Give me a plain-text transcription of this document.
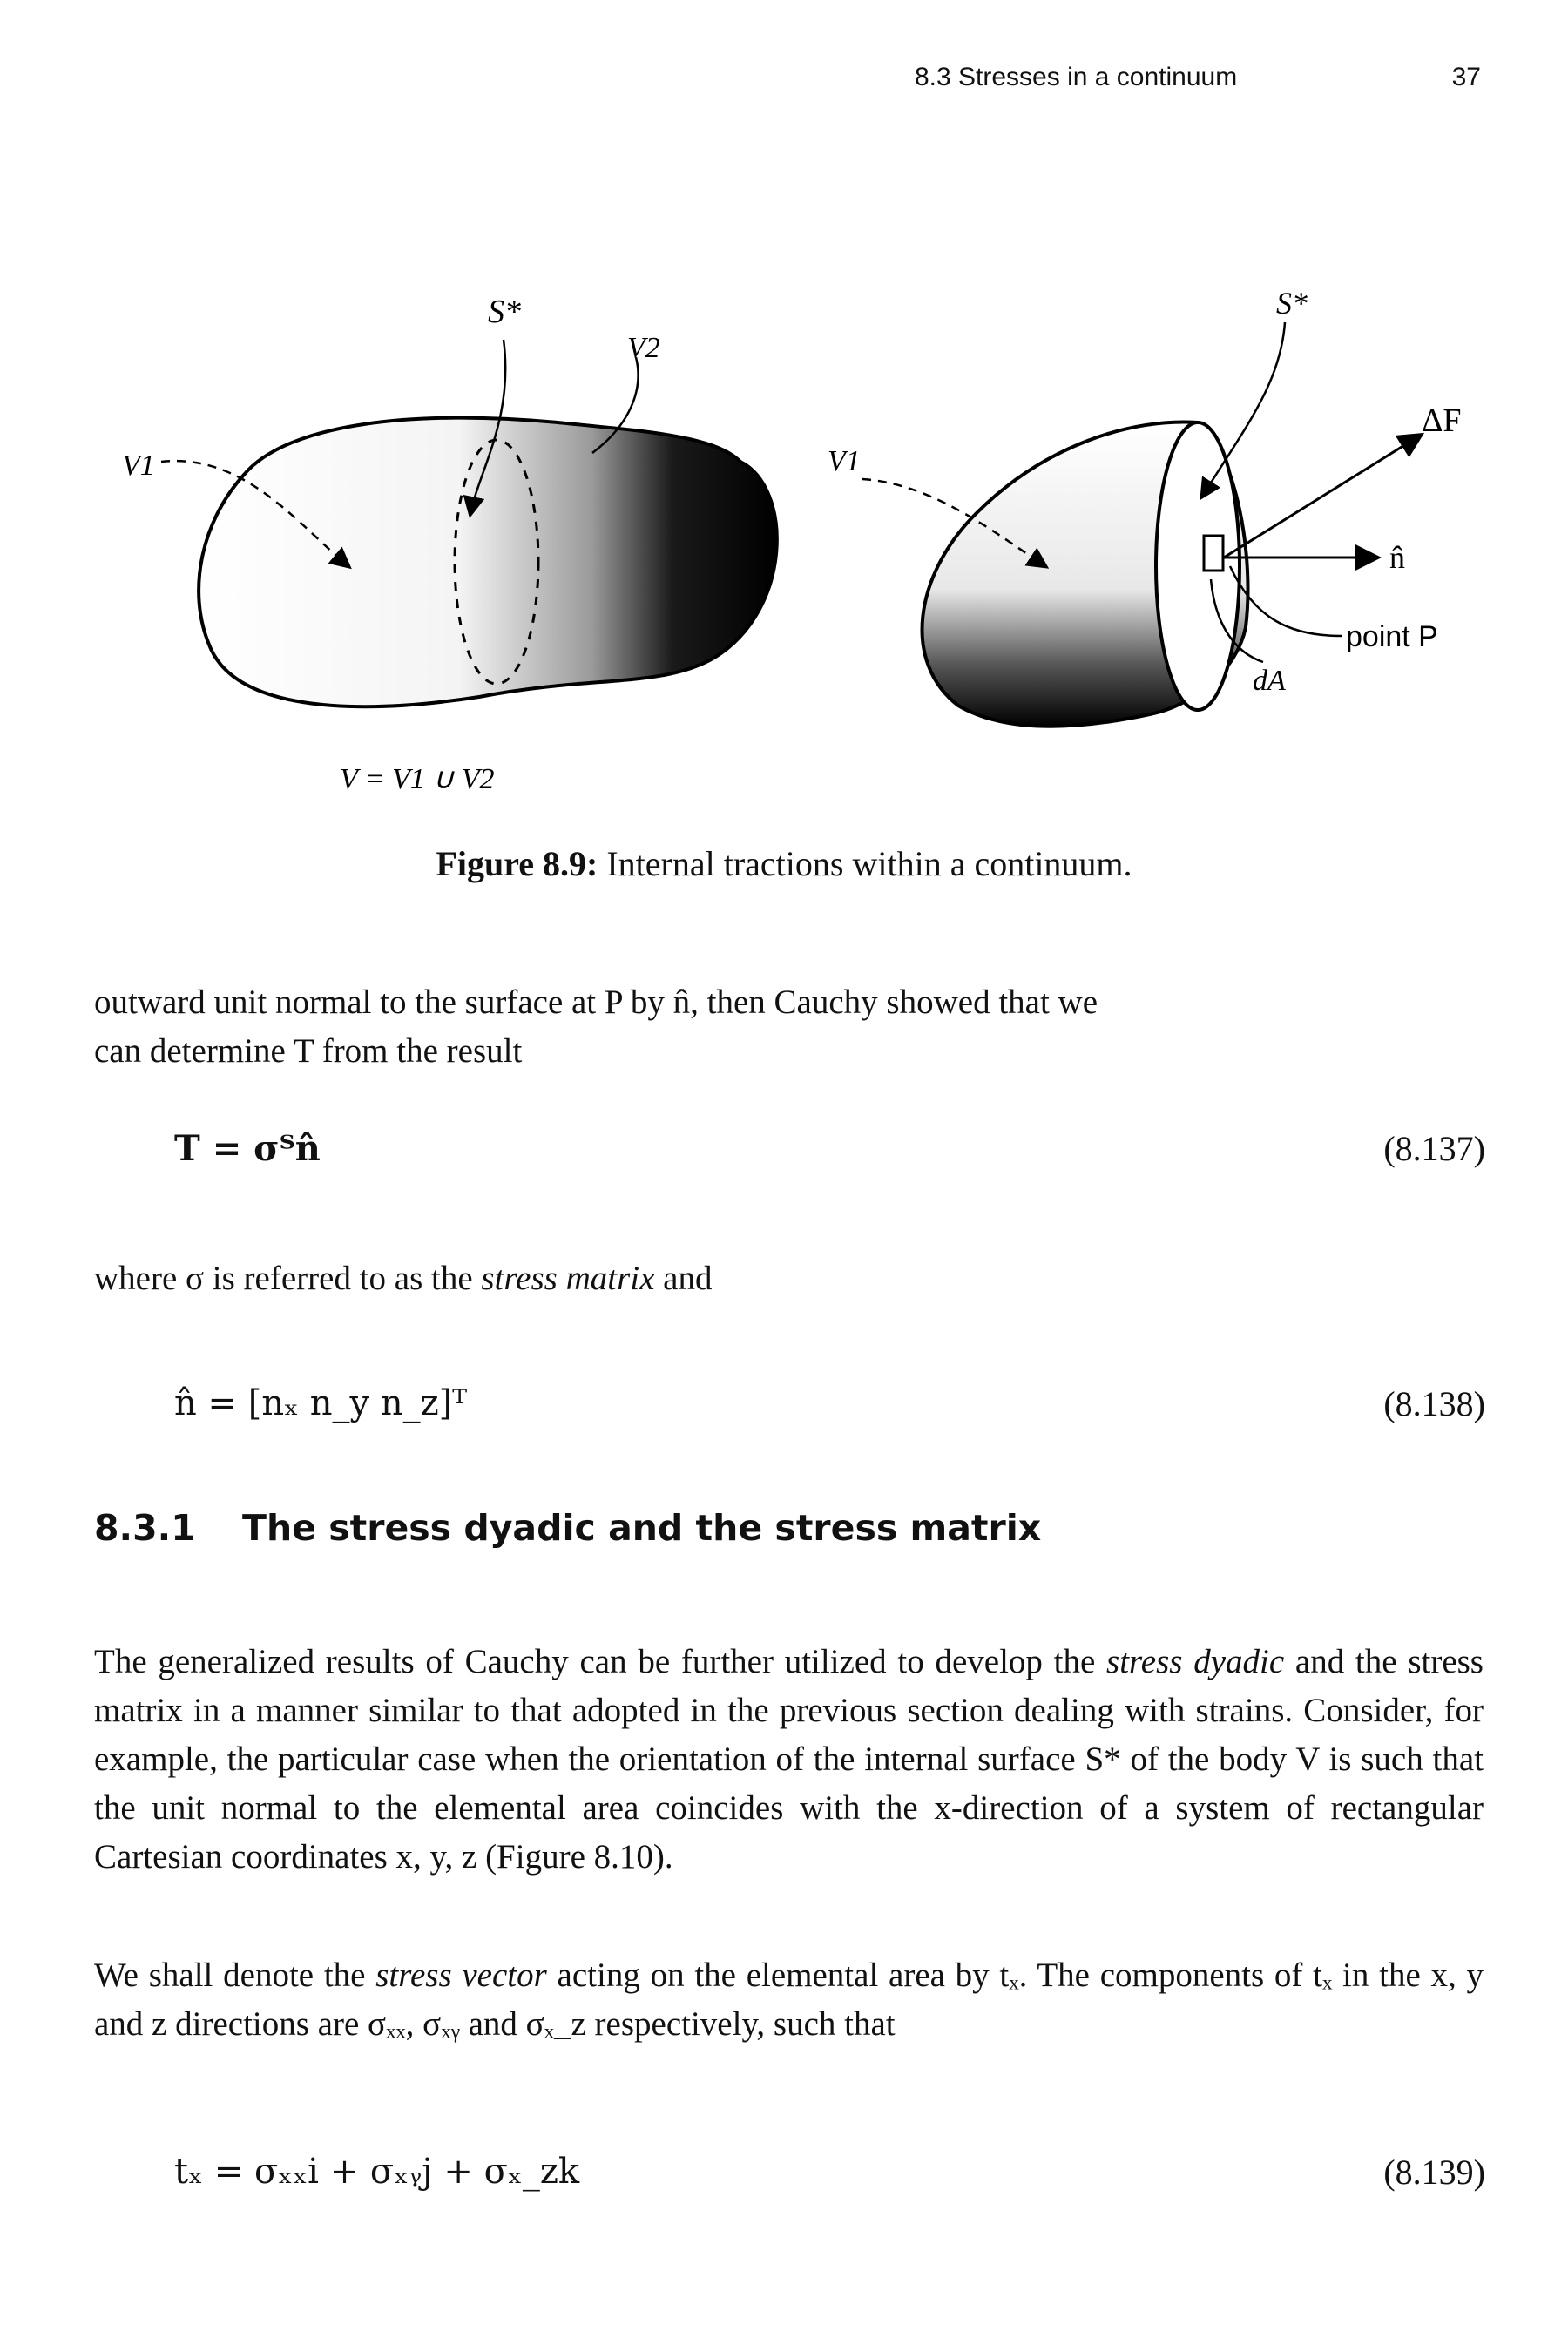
8.3 Stresses in a continuum	37
S*
V2
V1
V = V1 ∪ V2
S*
V1
ΔF
n̂
point P
dA
Figure 8.9: Internal tractions within a continuum.
outward unit normal to the surface at P by n̂, then Cauchy showed that we
can determine T from the result
T = σᵀn̂	(8.137)
where σ is referred to as the stress matrix and
n̂ = [nₓ n_y n_z]ᵀ	(8.138)
8.3.1 The stress dyadic and the stress matrix
The generalized results of Cauchy can be further utilized to develop the stress dyadic and the stress matrix in a manner similar to that adopted in the previous section dealing with strains. Consider, for example, the particular case when the orientation of the internal surface S* of the body V is such that the unit normal to the elemental area coincides with the x-direction of a system of rectangular Cartesian coordinates x, y, z (Figure 8.10).
We shall denote the stress vector acting on the elemental area by tₓ. The components of tₓ in the x, y and z directions are σₓₓ, σₓᵧ and σₓ_z respectively, such that
tₓ = σₓₓi + σₓᵧj + σₓ_zk	(8.139)
